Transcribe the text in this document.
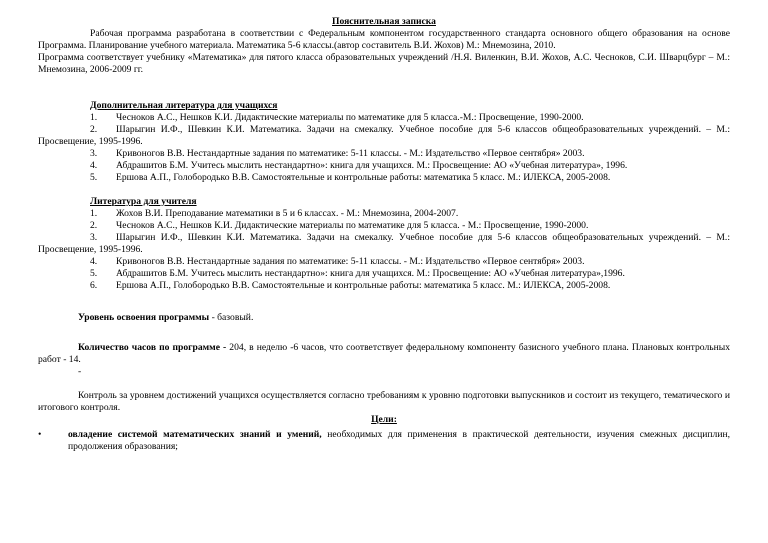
Пояснительная записка
Рабочая программа разработана в соответствии с Федеральным компонентом государственного стандарта основного общего образования на основе Программа. Планирование учебного материала. Математика 5-6 классы.(автор составитель В.И. Жохов) М.: Мнемозина, 2010.
Программа соответствует учебнику «Математика» для пятого класса образовательных учреждений /Н.Я. Виленкин, В.И. Жохов, А.С. Чесноков, С.И. Шварцбург – М.: Мнемозина, 2006-2009 гг.
Дополнительная литература для учащихся
1. Чесноков А.С., Нешков К.И. Дидактические материалы по математике для 5 класса.-М.: Просвещение, 1990-2000.
2. Шарыгин И.Ф., Шевкин К.И. Математика. Задачи на смекалку. Учебное пособие для 5-6 классов общеобразовательных учреждений. – М.: Просвещение, 1995-1996.
3. Кривоногов В.В. Нестандартные задания по математике: 5-11 классы. - М.: Издательство «Первое сентября» 2003.
4. Абдрашитов Б.М. Учитесь мыслить нестандартно»: книга для учащихся. М.: Просвещение: АО «Учебная литература», 1996.
5. Ершова А.П., Голобородько В.В. Самостоятельные и контрольные работы: математика 5 класс. М.: ИЛЕКСА, 2005-2008.
Литература для учителя
1. Жохов В.И. Преподавание математики в 5 и 6 классах. - М.: Мнемозина, 2004-2007.
2. Чесноков А.С., Нешков К.И. Дидактические материалы по математике для 5 класса. - М.: Просвещение, 1990-2000.
3. Шарыгин И.Ф., Шевкин К.И. Математика. Задачи на смекалку. Учебное пособие для 5-6 классов общеобразовательных учреждений. – М.: Просвещение, 1995-1996.
4. Кривоногов В.В. Нестандартные задания по математике: 5-11 классы. - М.: Издательство «Первое сентября» 2003.
5. Абдрашитов Б.М. Учитесь мыслить нестандартно»: книга для учащихся. М.: Просвещение: АО «Учебная литература»,1996.
6. Ершова А.П., Голобородько В.В. Самостоятельные и контрольные работы: математика 5 класс. М.: ИЛЕКСА, 2005-2008.
Уровень освоения программы - базовый.
Количество часов по программе - 204, в неделю -6 часов, что соответствует федеральному компоненту базисного учебного плана. Плановых контрольных работ - 14.
-
Контроль за уровнем достижений учащихся осуществляется согласно требованиям к уровню подготовки выпускников и состоит из текущего, тематического и итогового контроля.
Цели:
•	овладение системой математических знаний и умений, необходимых для применения в практической деятельности, изучения смежных дисциплин, продолжения образования;
